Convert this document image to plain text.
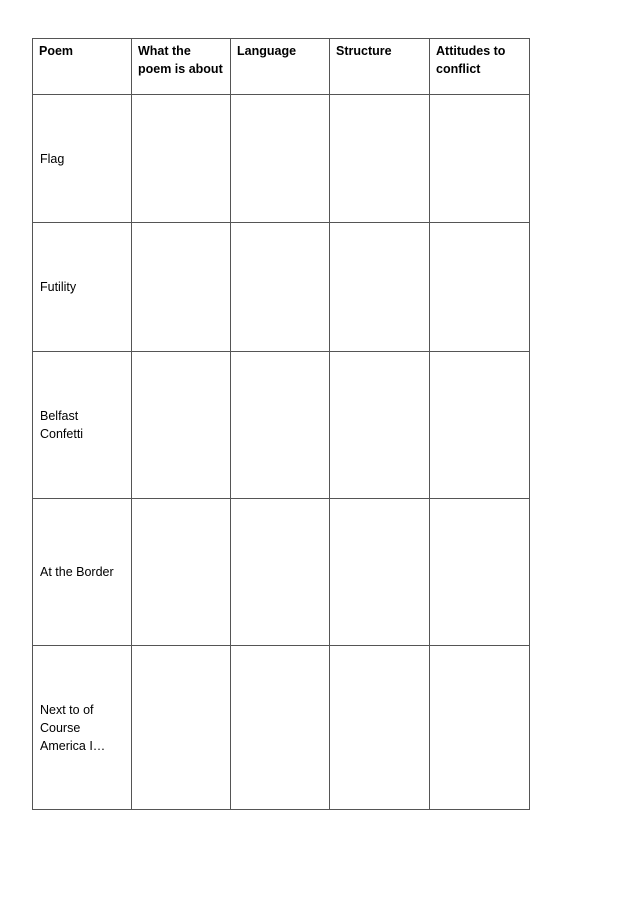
Poem	What the poem is about	Language	Structure	Attitudes to conflict
Flag				
Futility				
Belfast Confetti				
At the Border				
Next to of Course America I…				
